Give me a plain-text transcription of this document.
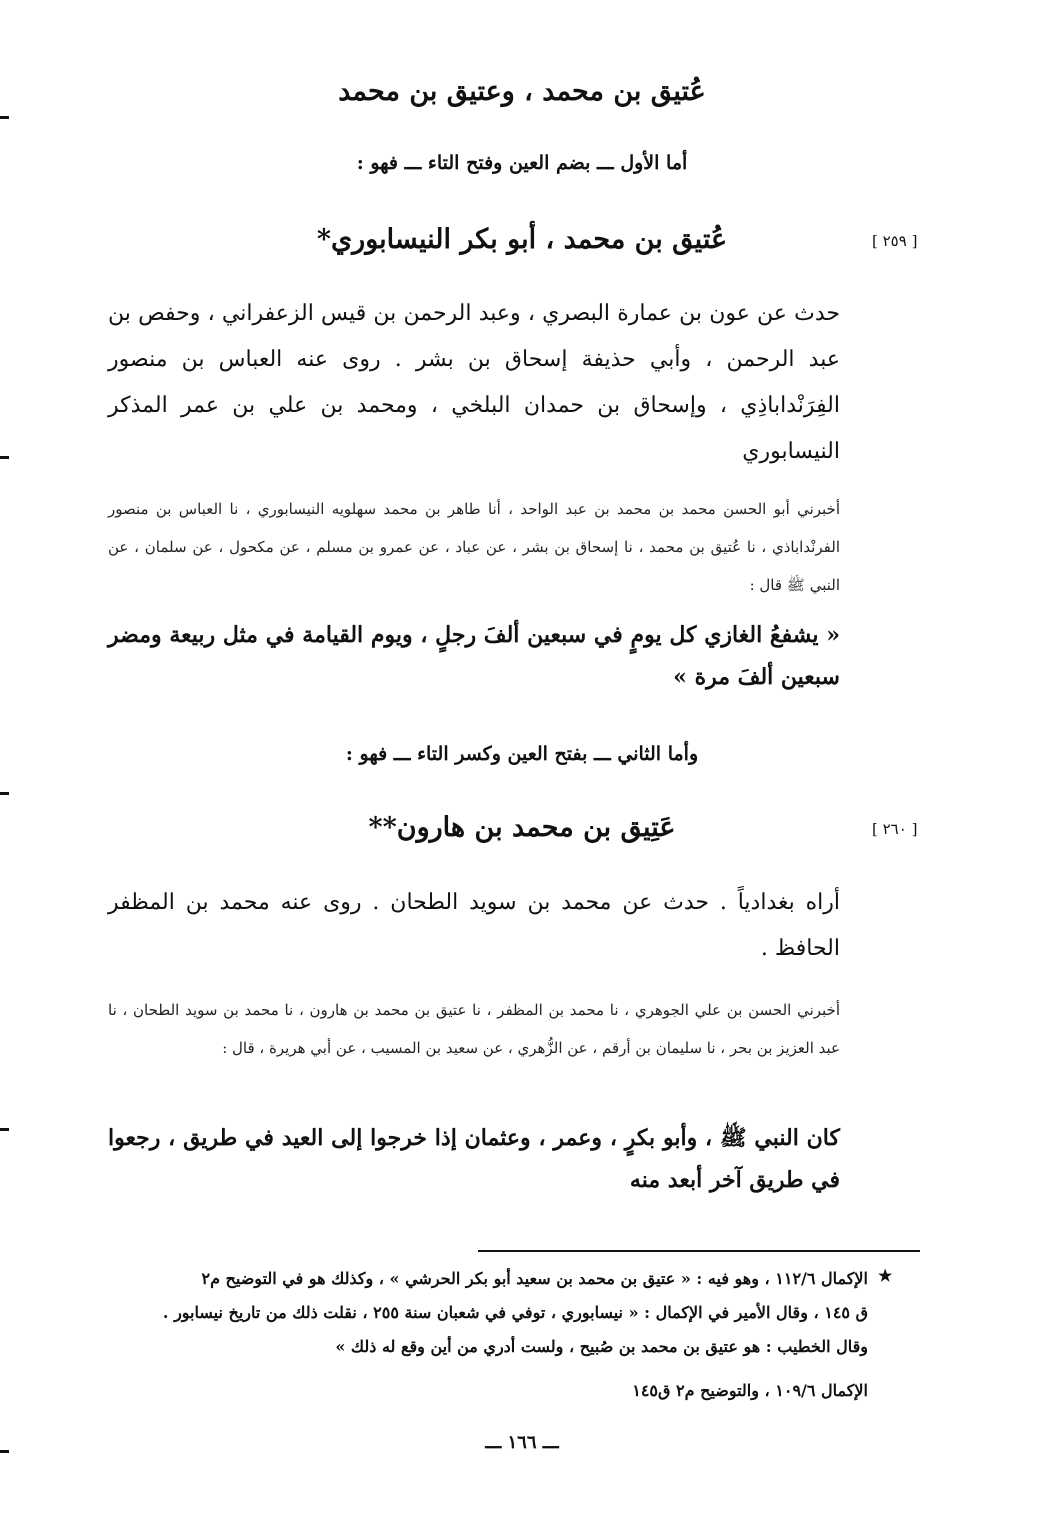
عُتيق بن محمد ، وعتيق بن محمد
أما الأول ـــ بضم العين وفتح التاء ـــ فهو :
[ ٢٥٩ ]
عُتيق بن محمد ، أبو بكر النيسابوري*
حدث عن عون بن عمارة البصري ، وعبد الرحمن بن قيس الزعفراني ، وحفص بن عبد الرحمن ، وأبي حذيفة إسحاق بن بشر . روى عنه العباس بن منصور الفِرَنْداباذِي ، وإسحاق بن حمدان البلخي ، ومحمد بن علي بن عمر المذكر النيسابوري
أخبرني أبو الحسن محمد بن محمد بن عبد الواحد ، أنا طاهر بن محمد سهلويه النيسابوري ، نا العباس بن منصور الفرنْداباذي ، نا عُتيق بن محمد ، نا إسحاق بن بشر ، عن عباد ، عن عمرو بن مسلم ، عن مكحول ، عن سلمان ، عن النبي ﷺ قال :
« يشفعُ الغازي كل يومٍ في سبعين ألفَ رجلٍ ، ويوم القيامة في مثل ربيعة ومضر سبعين ألفَ مرة »
وأما الثاني ـــ بفتح العين وكسر التاء ـــ فهو :
[ ٢٦٠ ]
عَتِيق بن محمد بن هارون**
أراه بغدادياً . حدث عن محمد بن سويد الطحان . روى عنه محمد بن المظفر الحافظ .
أخبرني الحسن بن علي الجوهري ، نا محمد بن المظفر ، نا عتيق بن محمد بن هارون ، نا محمد بن سويد الطحان ، نا عبد العزيز بن بحر ، نا سليمان بن أرقم ، عن الزُّهري ، عن سعيد بن المسيب ، عن أبي هريرة ، قال :
كان النبي ﷺ ، وأبو بكرٍ ، وعمر ، وعثمان إذا خرجوا إلى العيد في طريق ، رجعوا في طريق آخر أبعد منه
★
الإكمال ١١٢/٦ ، وهو فيه : « عتيق بن محمد بن سعيد أبو بكر الحرشي » ، وكذلك هو في التوضيح م٢
ق ١٤٥ ، وقال الأمير في الإكمال : « نيسابوري ، توفي في شعبان سنة ٢٥٥ ، نقلت ذلك من تاريخ نيسابور .
وقال الخطيب : هو عتيق بن محمد بن صُبيح ، ولست أدري من أين وقع له ذلك »
الإكمال ١٠٩/٦ ، والتوضيح م٢ ق١٤٥
ـــ ١٦٦ ـــ
